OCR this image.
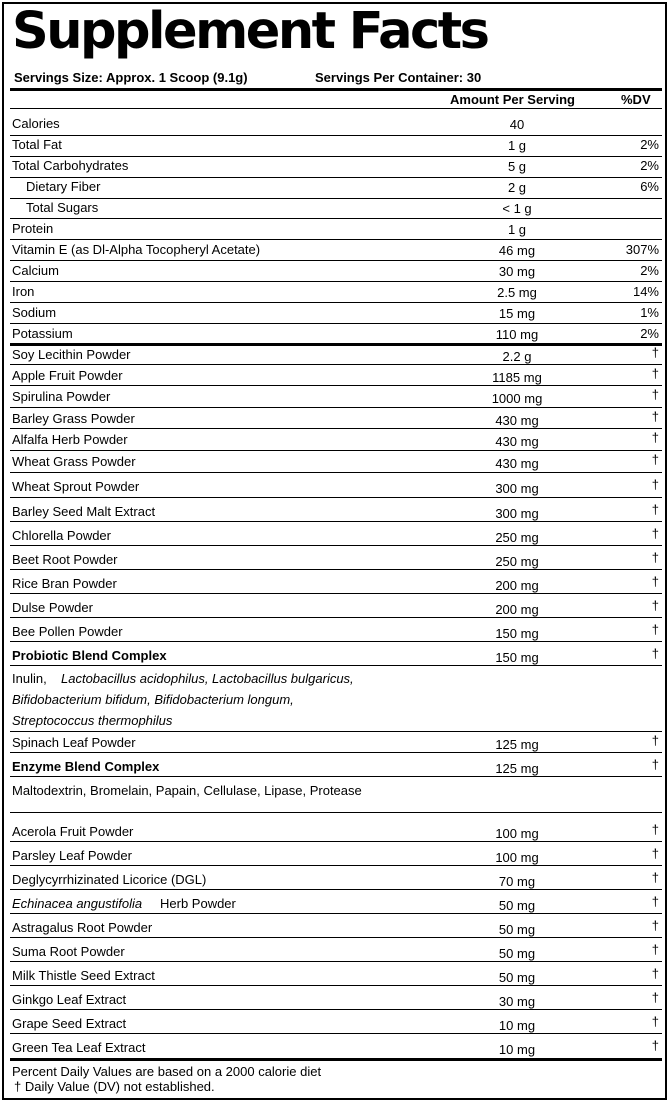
Supplement Facts
Servings Size: Approx. 1 Scoop (9.1g)	Servings Per Container: 30
Amount Per Serving	%DV
Calories	40
Total Fat	1 g	2%
Total Carbohydrates	5 g	2%
Dietary Fiber	2 g	6%
Total Sugars	< 1 g
Protein	1 g
Vitamin E (as Dl-Alpha Tocopheryl Acetate)	46 mg	307%
Calcium	30 mg	2%
Iron	2.5 mg	14%
Sodium	15 mg	1%
Potassium	110 mg	2%
Soy Lecithin Powder	2.2 g	†
Apple Fruit Powder	1185 mg	†
Spirulina Powder	1000 mg	†
Barley Grass Powder	430 mg	†
Alfalfa Herb Powder	430 mg	†
Wheat Grass Powder	430 mg	†
Wheat Sprout Powder	300 mg	†
Barley Seed Malt Extract	300 mg	†
Chlorella Powder	250 mg	†
Beet Root Powder	250 mg	†
Rice Bran Powder	200 mg	†
Dulse Powder	200 mg	†
Bee Pollen Powder	150 mg	†
Probiotic Blend Complex	150 mg	†
Spinach Leaf Powder	125 mg	†
Enzyme Blend Complex	125 mg	†
Acerola Fruit Powder	100 mg	†
Parsley Leaf Powder	100 mg	†
Deglycyrrhizinated Licorice (DGL)	70 mg	†
Echinacea angustifolia Herb Powder	50 mg	†
Astragalus Root Powder	50 mg	†
Suma Root Powder	50 mg	†
Milk Thistle Seed Extract	50 mg	†
Ginkgo Leaf Extract	30 mg	†
Grape Seed Extract	10 mg	†
Green Tea Leaf Extract	10 mg	†
Inulin, Lactobacillus acidophilus, Lactobacillus bulgaricus,
Bifidobacterium bifidum, Bifidobacterium longum,
Streptococcus thermophilus
Maltodextrin, Bromelain, Papain, Cellulase, Lipase, Protease
Percent Daily Values are based on a 2000 calorie diet
† Daily Value (DV) not established.
